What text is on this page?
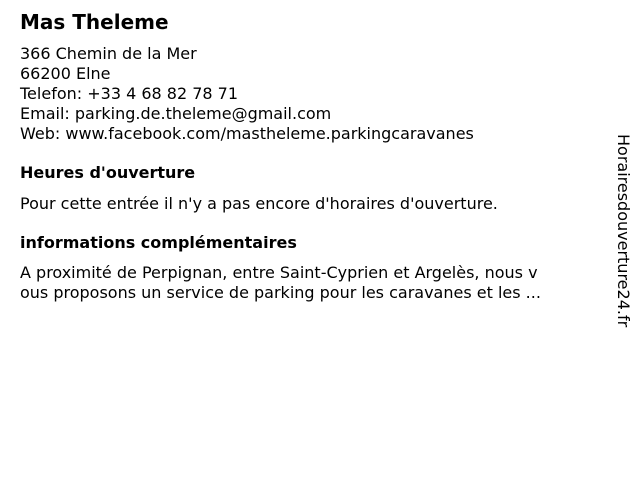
Mas Theleme
366 Chemin de la Mer
66200 Elne
Telefon: +33 4 68 82 78 71
Email: parking.de.theleme@gmail.com
Web: www.facebook.com/mastheleme.parkingcaravanes
Heures d'ouverture
Pour cette entrée il n'y a pas encore d'horaires d'ouverture.
informations complémentaires
A proximité de Perpignan, entre Saint-Cyprien et Argelès, nous v
ous proposons un service de parking pour les caravanes et les ...	Horairesdouverture24.fr
